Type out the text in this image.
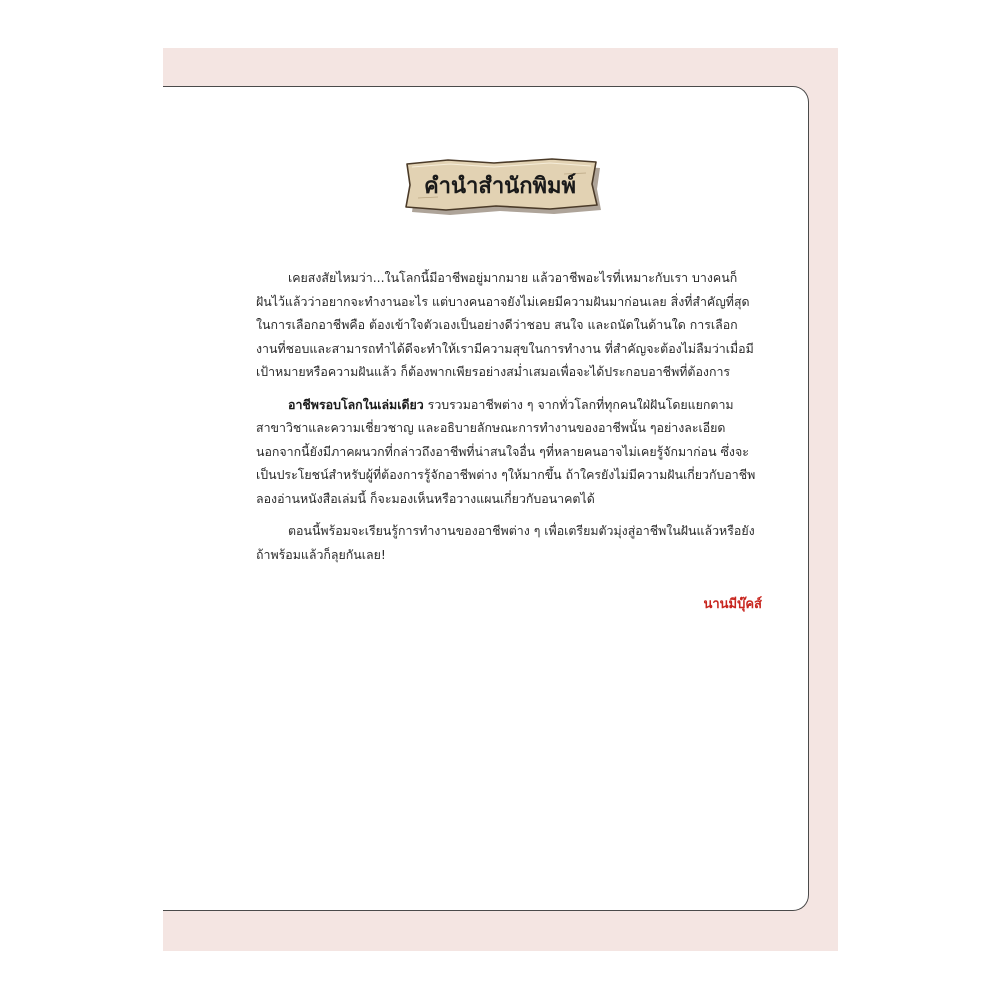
คำนำสำนักพิมพ์
เคยสงสัยไหมว่า...ในโลกนี้มีอาชีพอยู่มากมาย แล้วอาชีพอะไรที่เหมาะกับเรา บางคนก็
ฝันไว้แล้วว่าอยากจะทำงานอะไร แต่บางคนอาจยังไม่เคยมีความฝันมาก่อนเลย สิ่งที่สำคัญที่สุด
ในการเลือกอาชีพคือ ต้องเข้าใจตัวเองเป็นอย่างดีว่าชอบ สนใจ และถนัดในด้านใด การเลือก
งานที่ชอบและสามารถทำได้ดีจะทำให้เรามีความสุขในการทำงาน ที่สำคัญจะต้องไม่ลืมว่าเมื่อมี
เป้าหมายหรือความฝันแล้ว ก็ต้องพากเพียรอย่างสม่ำเสมอเพื่อจะได้ประกอบอาชีพที่ต้องการ
อาชีพรอบโลกในเล่มเดียว รวบรวมอาชีพต่าง ๆ จากทั่วโลกที่ทุกคนใฝ่ฝันโดยแยกตาม
สาขาวิชาและความเชี่ยวชาญ และอธิบายลักษณะการทำงานของอาชีพนั้น ๆอย่างละเอียด
นอกจากนี้ยังมีภาคผนวกที่กล่าวถึงอาชีพที่น่าสนใจอื่น ๆที่หลายคนอาจไม่เคยรู้จักมาก่อน ซึ่งจะ
เป็นประโยชน์สำหรับผู้ที่ต้องการรู้จักอาชีพต่าง ๆให้มากขึ้น ถ้าใครยังไม่มีความฝันเกี่ยวกับอาชีพ
ลองอ่านหนังสือเล่มนี้ ก็จะมองเห็นหรือวางแผนเกี่ยวกับอนาคตได้
ตอนนี้พร้อมจะเรียนรู้การทำงานของอาชีพต่าง ๆ เพื่อเตรียมตัวมุ่งสู่อาชีพในฝันแล้วหรือยัง
ถ้าพร้อมแล้วก็ลุยกันเลย!
นานมีบุ๊คส์
